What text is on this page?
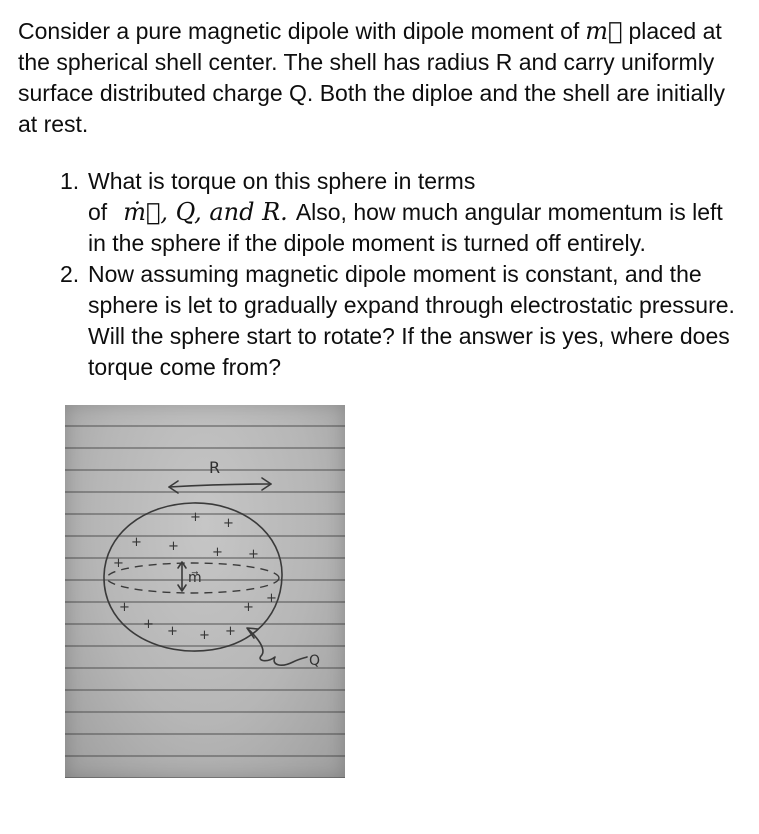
Consider a pure magnetic dipole with dipole moment of m⃗ placed at the spherical shell center. The shell has radius R and carry uniformly surface distributed charge Q. Both the diploe and the shell are initially at rest.

1. What is torque on this sphere in terms of ṁ⃗, Q, and R. Also, how much angular momentum is left in the sphere if the dipole moment is turned off entirely.
2. Now assuming magnetic dipole moment is constant, and the sphere is let to gradually expand through electrostatic pressure. Will the sphere start to rotate? If the answer is yes, where does torque come from?
R
m⃗
Q
+ +
+ +	+ +
+
+
+ + + +
+
+
